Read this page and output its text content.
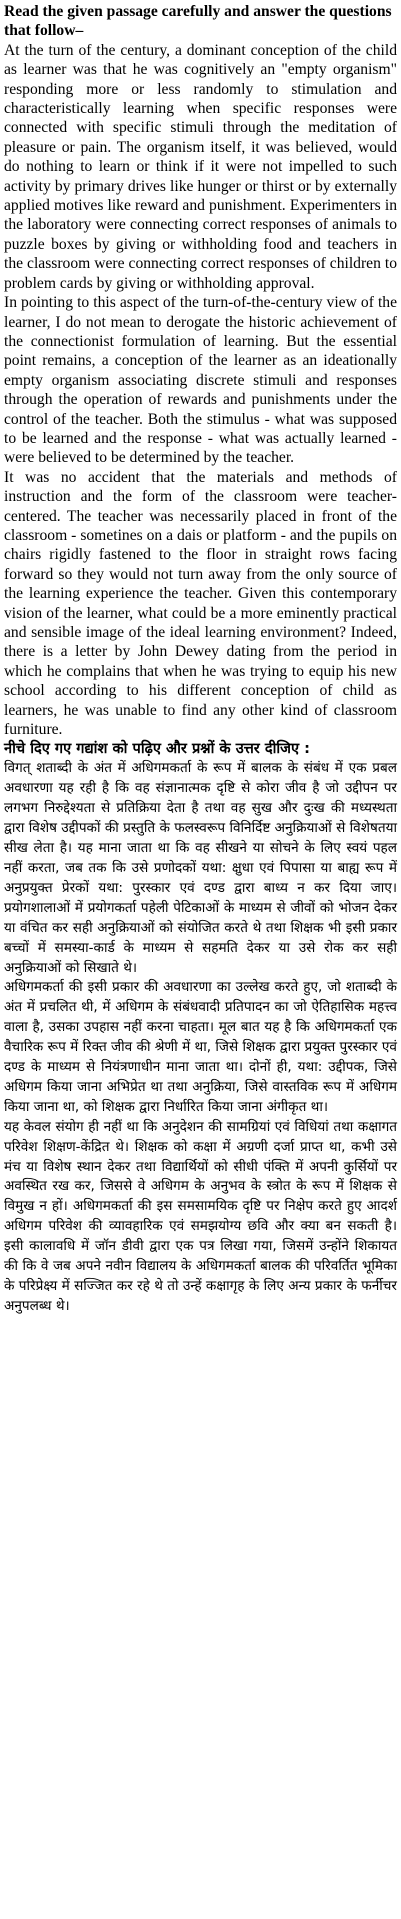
Read the given passage carefully and answer the questions that follow–

At the turn of the century, a dominant conception of the child as learner was that he was cognitively an "empty organism" responding more or less randomly to stimulation and characteristically learning when specific responses were connected with specific stimuli through the meditation of pleasure or pain. The organism itself, it was believed, would do nothing to learn or think if it were not impelled to such activity by primary drives like hunger or thirst or by externally applied motives like reward and punishment. Experimenters in the laboratory were connecting correct responses of animals to puzzle boxes by giving or withholding food and teachers in the classroom were connecting correct responses of children to problem cards by giving or withholding approval.

In pointing to this aspect of the turn-of-the-century view of the learner, I do not mean to derogate the historic achievement of the connectionist formulation of learning. But the essential point remains, a conception of the learner as an ideationally empty organism associating discrete stimuli and responses through the operation of rewards and punishments under the control of the teacher. Both the stimulus - what was supposed to be learned and the response - what was actually learned - were believed to be determined by the teacher.

It was no accident that the materials and methods of instruction and the form of the classroom were teacher-centered. The teacher was necessarily placed in front of the classroom - sometines on a dais or platform - and the pupils on chairs rigidly fastened to the floor in straight rows facing forward so they would not turn away from the only source of the learning experience the teacher. Given this contemporary vision of the learner, what could be a more eminently practical and sensible image of the ideal learning environment? Indeed, there is a letter by John Dewey dating from the period in which he complains that when he was trying to equip his new school according to his different conception of child as learners, he was unable to find any other kind of classroom furniture.

नीचे दिए गए गद्यांश को पढ़िए और प्रश्नों के उत्तर दीजिए :

विगत् शताब्दी के अंत में अधिगमकर्ता के रूप में बालक के संबंध में एक प्रबल अवधारणा यह रही है कि वह संज्ञानात्मक दृष्टि से कोरा जीव है जो उद्दीपन पर लगभग निरुद्देश्यता से प्रतिक्रिया देता है तथा वह सुख और दुःख की मध्यस्थता द्वारा विशेष उद्दीपकों की प्रस्तुति के फलस्वरूप विनिर्दिष्ट अनुक्रियाओं से विशेषतया सीख लेता है। यह माना जाता था कि वह सीखने या सोचने के लिए स्वयं पहल नहीं करता, जब तक कि उसे प्रणोदकों यथा: क्षुधा एवं पिपासा या बाह्य रूप में अनुप्रयुक्त प्रेरकों यथा: पुरस्कार एवं दण्ड द्वारा बाध्य न कर दिया जाए। प्रयोगशालाओं में प्रयोगकर्ता पहेली पेटिकाओं के माध्यम से जीवों को भोजन देकर या वंचित कर सही अनुक्रियाओं को संयोजित करते थे तथा शिक्षक भी इसी प्रकार बच्चों में समस्या-कार्ड के माध्यम से सहमति देकर या उसे रोक कर सही अनुक्रियाओं को सिखाते थे।

अधिगमकर्ता की इसी प्रकार की अवधारणा का उल्लेख करते हुए, जो शताब्दी के अंत में प्रचलित थी, में अधिगम के संबंधवादी प्रतिपादन का जो ऐतिहासिक महत्त्व वाला है, उसका उपहास नहीं करना चाहता। मूल बात यह है कि अधिगमकर्ता एक वैचारिक रूप में रिक्त जीव की श्रेणी में था, जिसे शिक्षक द्वारा प्रयुक्त पुरस्कार एवं दण्ड के माध्यम से नियंत्रणाधीन माना जाता था। दोनों ही, यथा: उद्दीपक, जिसे अधिगम किया जाना अभिप्रेत था तथा अनुक्रिया, जिसे वास्तविक रूप में अधिगम किया जाना था, को शिक्षक द्वारा निर्धारित किया जाना अंगीकृत था।

यह केवल संयोग ही नहीं था कि अनुदेशन की सामग्रियां एवं विधियां तथा कक्षागत परिवेश शिक्षण-केंद्रित थे। शिक्षक को कक्षा में अग्रणी दर्जा प्राप्त था, कभी उसे मंच या विशेष स्थान देकर तथा विद्यार्थियों को सीधी पंक्ति में अपनी कुर्सियों पर अवस्थित रख कर, जिससे वे अधिगम के अनुभव के स्त्रोत के रूप में शिक्षक से विमुख न हों। अधिगमकर्ता की इस समसामयिक दृष्टि पर निक्षेप करते हुए आदर्श अधिगम परिवेश की व्यावहारिक एवं समझयोग्य छवि और क्या बन सकती है। इसी कालावधि में जॉन डीवी द्वारा एक पत्र लिखा गया, जिसमें उन्होंने शिकायत की कि वे जब अपने नवीन विद्यालय के अधिगमकर्ता बालक की परिवर्तित भूमिका के परिप्रेक्ष्य में सज्जित कर रहे थे तो उन्हें कक्षागृह के लिए अन्य प्रकार के फर्नीचर अनुपलब्ध थे।
